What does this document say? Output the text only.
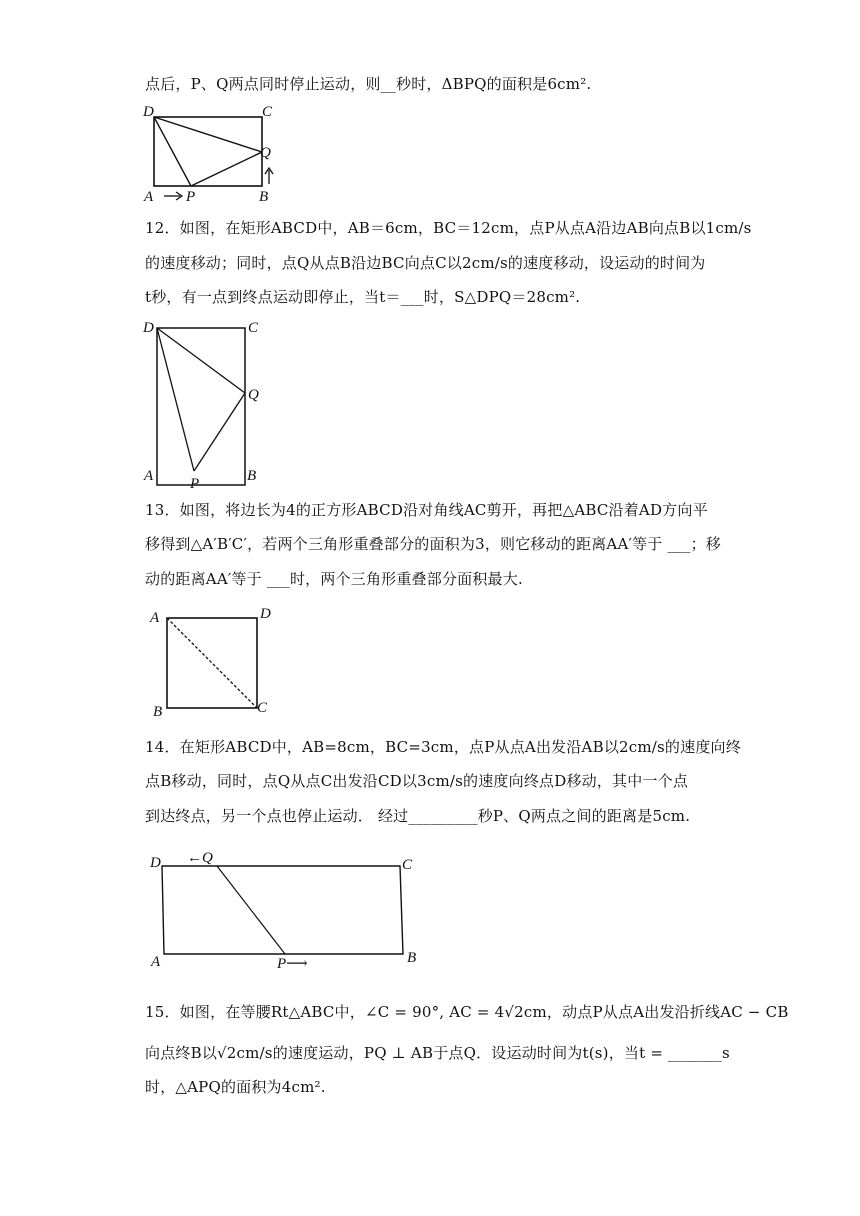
点后，P、Q两点同时停止运动，则__秒时，ΔBPQ的面积是6cm².
D	C
Q
A P	B
12．如图，在矩形ABCD中，AB＝6cm，BC＝12cm，点P从点A沿边AB向点B以1cm/s
的速度移动；同时，点Q从点B沿边BC向点C以2cm/s的速度移动，设运动的时间为
t秒，有一点到终点运动即停止，当t＝___时，S△DPQ＝28cm².
D	C
Q
A P	B
13．如图，将边长为4的正方形ABCD沿对角线AC剪开，再把△ABC沿着AD方向平
移得到△A′B′C′，若两个三角形重叠部分的面积为3，则它移动的距离AA′等于 ___；移
动的距离AA′等于 ___时，两个三角形重叠部分面积最大.
A	D
B	C
14．在矩形ABCD中，AB=8cm，BC=3cm，点P从点A出发沿AB以2cm/s的速度向终
点B移动，同时，点Q从点C出发沿CD以3cm/s的速度向终点D移动，其中一个点
到达终点，另一个点也停止运动． 经过_________秒P、Q两点之间的距离是5cm.
D ←Q	C
A	P⟶	B
15．如图，在等腰Rt△ABC中，∠C = 90°, AC = 4√2cm，动点P从点A出发沿折线AC − CB
向点终B以√2cm/s的速度运动，PQ ⊥ AB于点Q．设运动时间为t(s)，当t = _______s
时，△APQ的面积为4cm².
